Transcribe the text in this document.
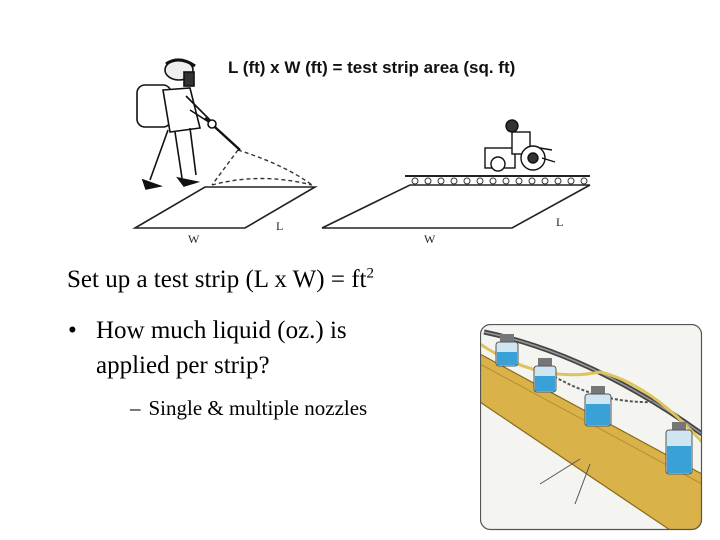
L
W
L
W
L (ft) x W (ft) = test strip area (sq. ft)
Set up a test strip (L x $W) = ft^2$
• How much liquid (oz.) is applied per strip?
– Single & multiple nozzles
